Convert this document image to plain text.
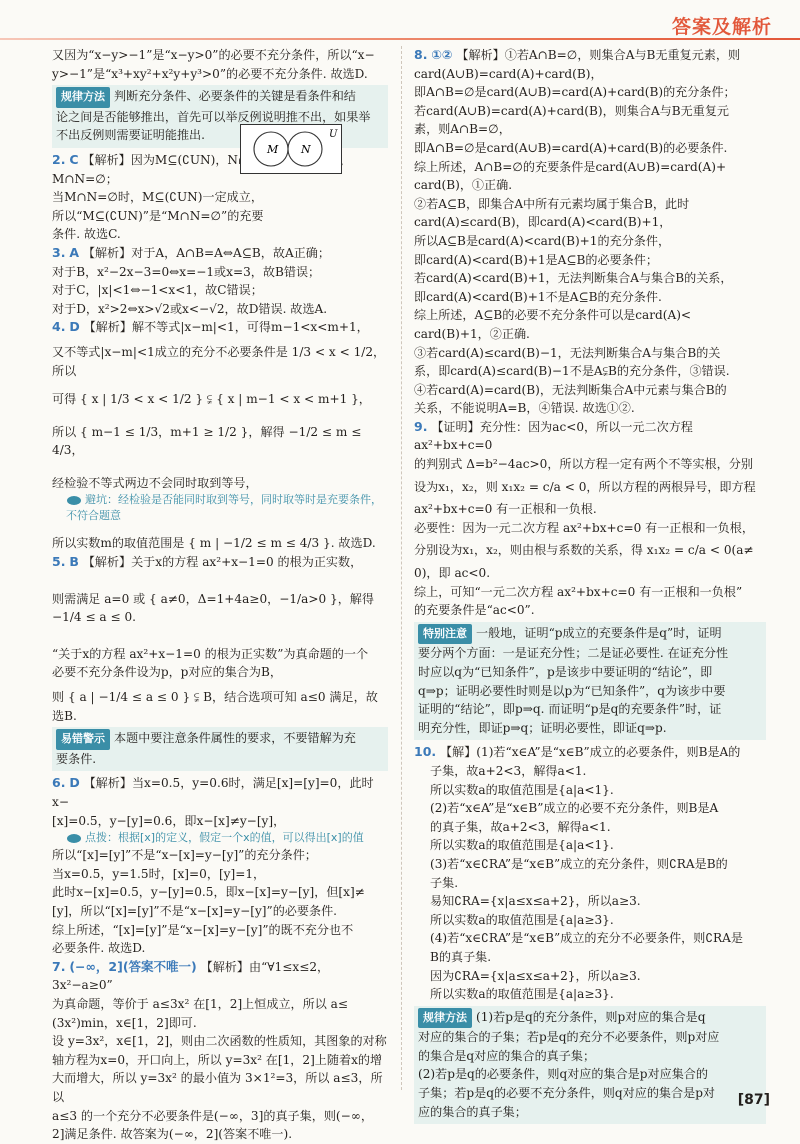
答案及解析

又因为“x−y>−1”是“x−y>0”的必要不充分条件，所以“x−

y>−1”是“x³+xy²+x²y+y³>0”的必要不充分条件. 故选D.

规律方法 判断充分条件、必要条件的关键是看条件和结

论之间是否能够推出，首先可以举反例说明推不出，如果举

不出反例则需要证明能推出.

2. C 【解析】因为M⊆(∁UN)，N∩(∁UN)=∅，所以M∩N=∅；

当M∩N=∅时，M⊆(∁UN)一定成立，

所以“M⊆(∁UN)”是“M∩N=∅”的充要

条件. 故选C.

3. A 【解析】对于A，A∩B=A⇔A⊆B，故A正确；

对于B，x²−2x−3=0⇔x=−1或x=3，故B错误；

对于C，|x|<1⇔−1<x<1，故C错误；

对于D，x²>2⇔x>√2或x<−√2，故D错误. 故选A.

4. D 【解析】解不等式|x−m|<1，可得m−1<x<m+1，

又不等式|x−m|<1成立的充分不必要条件是 1/3 < x < 1/2，所以

可得 { x | 1/3 < x < 1/2 } ⫋ { x | m−1 < x < m+1 }，

所以 { m−1 ≤ 1/3，m+1 ≥ 1/2 }，解得 −1/2 ≤ m ≤ 4/3，

经检验不等式两边不会同时取到等号，

避坑：经检验是否能同时取到等号，同时取等时是充要条件，不符合题意

所以实数m的取值范围是 { m | −1/2 ≤ m ≤ 4/3 }. 故选D.

5. B 【解析】关于x的方程 ax²+x−1=0 的根为正实数，

则需满足 a=0 或 { a≠0，Δ=1+4a≥0，−1/a>0 }，解得 −1/4 ≤ a ≤ 0.

“关于x的方程 ax²+x−1=0 的根为正实数”为真命题的一个

必要不充分条件设为p，p对应的集合为B，

则 { a | −1/4 ≤ a ≤ 0 } ⫋ B，结合选项可知 a≤0 满足，故选B.

易错警示 本题中要注意条件属性的要求，不要错解为充

要条件.

6. D 【解析】当x=0.5，y=0.6时，满足[x]=[y]=0，此时x−

[x]=0.5，y−[y]=0.6，即x−[x]≠y−[y]，

点拨：根据[x]的定义，假定一个x的值，可以得出[x]的值

所以“[x]=[y]”不是“x−[x]=y−[y]”的充分条件；

当x=0.5，y=1.5时，[x]=0，[y]=1，

此时x−[x]=0.5，y−[y]=0.5，即x−[x]=y−[y]，但[x]≠

[y]，所以“[x]=[y]”不是“x−[x]=y−[y]”的必要条件.

综上所述，“[x]=[y]”是“x−[x]=y−[y]”的既不充分也不

必要条件. 故选D.

7. (−∞，2](答案不唯一) 【解析】由“∀1≤x≤2，3x²−a≥0”

为真命题，等价于 a≤3x² 在[1，2]上恒成立，所以 a≤

(3x²)min，x∈[1，2]即可.

设 y=3x²，x∈[1，2]，则由二次函数的性质知，其图象的对称

轴方程为x=0，开口向上，所以 y=3x² 在[1，2]上随着x的增

大而增大，所以 y=3x² 的最小值为 3×1²=3，所以 a≤3，所以

a≤3 的一个充分不必要条件是(−∞，3]的真子集，则(−∞，

2]满足条件. 故答案为(−∞，2](答案不唯一).

M N
U

8. ①② 【解析】①若A∩B=∅，则集合A与B无重复元素，则

card(A∪B)=card(A)+card(B)，

即A∩B=∅是card(A∪B)=card(A)+card(B)的充分条件；

若card(A∪B)=card(A)+card(B)，则集合A与B无重复元

素，则A∩B=∅，

即A∩B=∅是card(A∪B)=card(A)+card(B)的必要条件.

综上所述，A∩B=∅的充要条件是card(A∪B)=card(A)+

card(B)，①正确.

②若A⊆B，即集合A中所有元素均属于集合B，此时

card(A)≤card(B)，即card(A)<card(B)+1，

所以A⊆B是card(A)<card(B)+1的充分条件，

即card(A)<card(B)+1是A⊆B的必要条件；

若card(A)<card(B)+1，无法判断集合A与集合B的关系，

即card(A)<card(B)+1不是A⊆B的充分条件.

综上所述，A⊆B的必要不充分条件可以是card(A)<

card(B)+1，②正确.

③若card(A)≤card(B)−1，无法判断集合A与集合B的关

系，即card(A)≤card(B)−1不是A⫋B的充分条件，③错误.

④若card(A)=card(B)，无法判断集合A中元素与集合B的

关系，不能说明A=B，④错误. 故选①②.

9. 【证明】充分性：因为ac<0，所以一元二次方程 ax²+bx+c=0

的判别式 Δ=b²−4ac>0，所以方程一定有两个不等实根，分别

设为x₁，x₂，则 x₁x₂ = c/a < 0，所以方程的两根异号，即方程

ax²+bx+c=0 有一正根和一负根.

必要性：因为一元二次方程 ax²+bx+c=0 有一正根和一负根，

分别设为x₁，x₂，则由根与系数的关系，得 x₁x₂ = c/a < 0(a≠

0)，即 ac<0.

综上，可知“一元二次方程 ax²+bx+c=0 有一正根和一负根”

的充要条件是“ac<0”.

特别注意 一般地，证明“p成立的充要条件是q”时，证明

要分两个方面：一是证充分性；二是证必要性. 在证充分性

时应以q为“已知条件”，p是该步中要证明的“结论”，即

q⇒p；证明必要性时则是以p为“已知条件”，q为该步中要

证明的“结论”，即p⇒q. 而证明“p是q的充要条件”时，证

明充分性，即证p⇒q；证明必要性，即证q⇒p.

10. 【解】(1)若“x∈A”是“x∈B”成立的必要条件，则B是A的

子集，故a+2<3，解得a<1.

所以实数a的取值范围是{a|a<1}.

(2)若“x∈A”是“x∈B”成立的必要不充分条件，则B是A

的真子集，故a+2<3，解得a<1.

所以实数a的取值范围是{a|a<1}.

(3)若“x∈∁RA”是“x∈B”成立的充分条件，则∁RA是B的

子集.

易知∁RA={x|a≤x≤a+2}，所以a≥3.

所以实数a的取值范围是{a|a≥3}.

(4)若“x∈∁RA”是“x∈B”成立的充分不必要条件，则∁RA是

B的真子集.

因为∁RA={x|a≤x≤a+2}，所以a≥3.

所以实数a的取值范围是{a|a≥3}.

规律方法 (1)若p是q的充分条件，则p对应的集合是q

对应的集合的子集；若p是q的充分不必要条件，则p对应

的集合是q对应的集合的真子集；

(2)若p是q的必要条件，则q对应的集合是p对应集合的

子集；若p是q的必要不充分条件，则q对应的集合是p对

应的集合的真子集；

[87]
